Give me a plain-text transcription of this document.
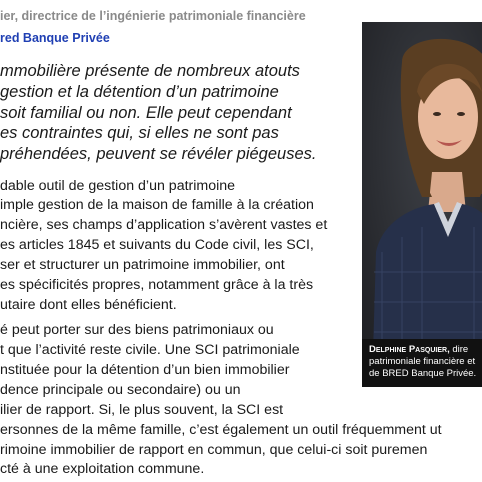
ier, directrice de l’ingénierie patrimoniale financière
red Banque Privée
mmobilière présente de nombreux atouts
gestion et la détention d’un patrimoine
soit familial ou non. Elle peut cependant
es contraintes qui, si elles ne sont pas
préhendées, peuvent se révéler piégeuses.
dable outil de gestion d’un patrimoine
imple gestion de la maison de famille à la création
ncière, ses champs d’application s’avèrent vastes et
es articles 1845 et suivants du Code civil, les SCI,
ser et structurer un patrimoine immobilier, ont
es spécificités propres, notamment grâce à la très
utaire dont elles bénéficient.
é peut porter sur des biens patrimoniaux ou
t que l’activité reste civile. Une SCI patrimoniale
nstituée pour la détention d’un bien immobilier
dence principale ou secondaire) ou un
ilier de rapport. Si, le plus souvent, la SCI est
ersonnes de la même famille, c’est également un outil fréquemment ut
rimoine immobilier de rapport en commun, que celui-ci soit puremen
cté à une exploitation commune.
Delphine Pasquier, dire
patrimoniale financière et
de BRED Banque Privée.
